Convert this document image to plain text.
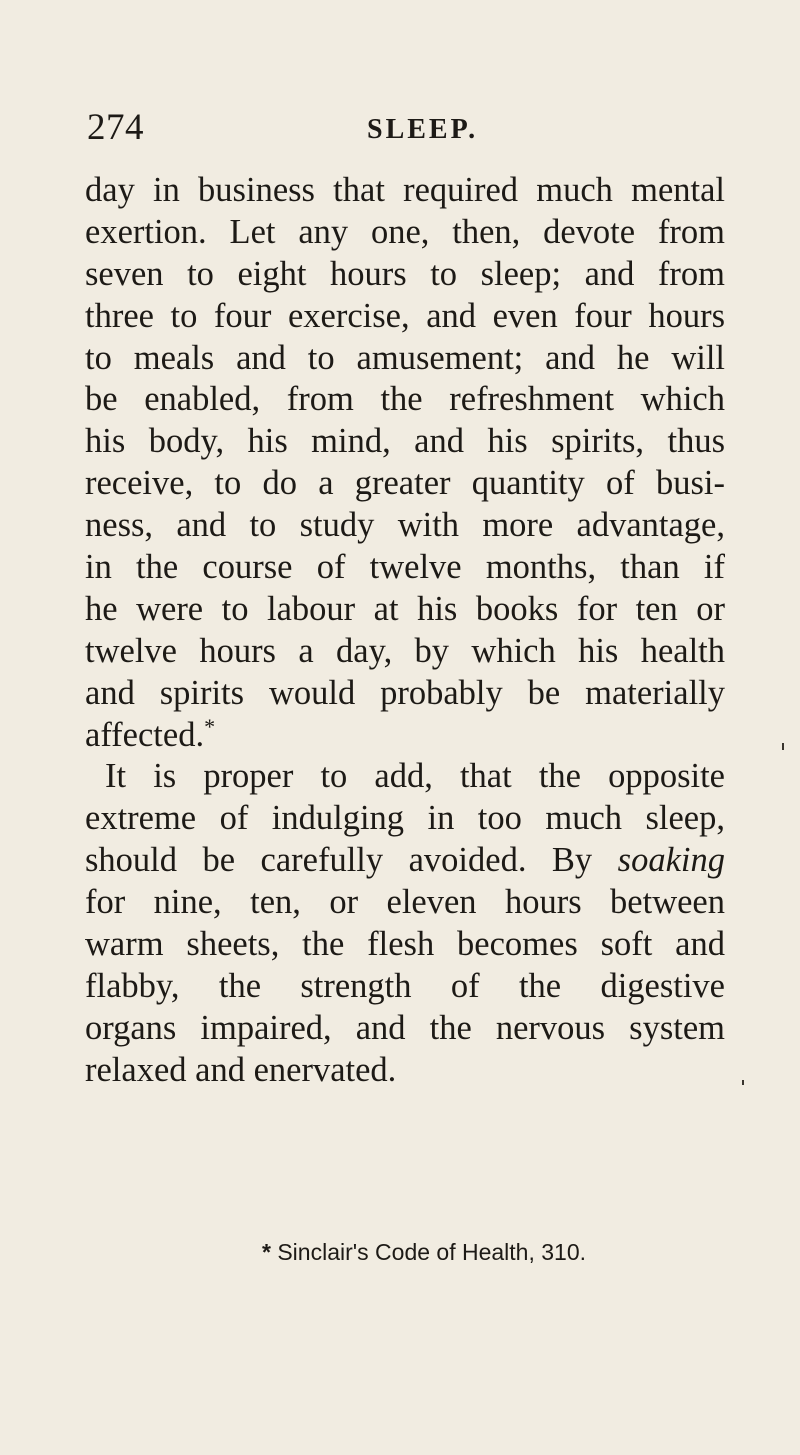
274	SLEEP.
day in business that required much mental
exertion. Let any one, then, devote from
seven to eight hours to sleep; and from
three to four exercise, and even four hours
to meals and to amusement; and he will
be enabled, from the refreshment which
his body, his mind, and his spirits, thus
receive, to do a greater quantity of busi-
ness, and to study with more advantage,
in the course of twelve months, than if
he were to labour at his books for ten or
twelve hours a day, by which his health
and spirits would probably be materially
affected.*
It is proper to add, that the opposite
extreme of indulging in too much sleep,
should be carefully avoided. By soaking
for nine, ten, or eleven hours between
warm sheets, the flesh becomes soft and
flabby, the strength of the digestive
organs impaired, and the nervous system
relaxed and enervated.
* Sinclair's Code of Health, 310.
